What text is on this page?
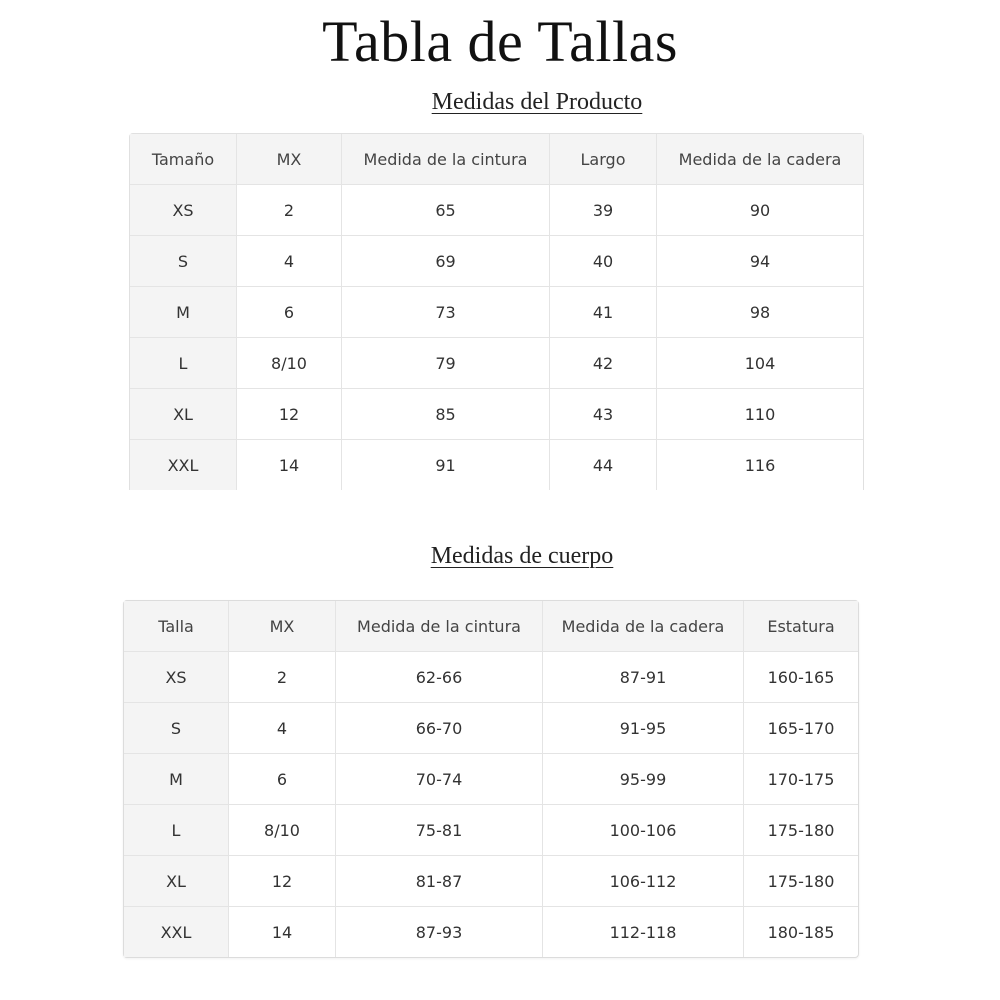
Tabla de Tallas
Medidas del Producto
Tamaño	MX	Medida de la cintura	Largo	Medida de la cadera
XS	2	65	39	90
S	4	69	40	94
M	6	73	41	98
L	8/10	79	42	104
XL	12	85	43	110
XXL	14	91	44	116
Medidas de cuerpo
Talla	MX	Medida de la cintura	Medida de la cadera	Estatura
XS	2	62-66	87-91	160-165
S	4	66-70	91-95	165-170
M	6	70-74	95-99	170-175
L	8/10	75-81	100-106	175-180
XL	12	81-87	106-112	175-180
XXL	14	87-93	112-118	180-185
